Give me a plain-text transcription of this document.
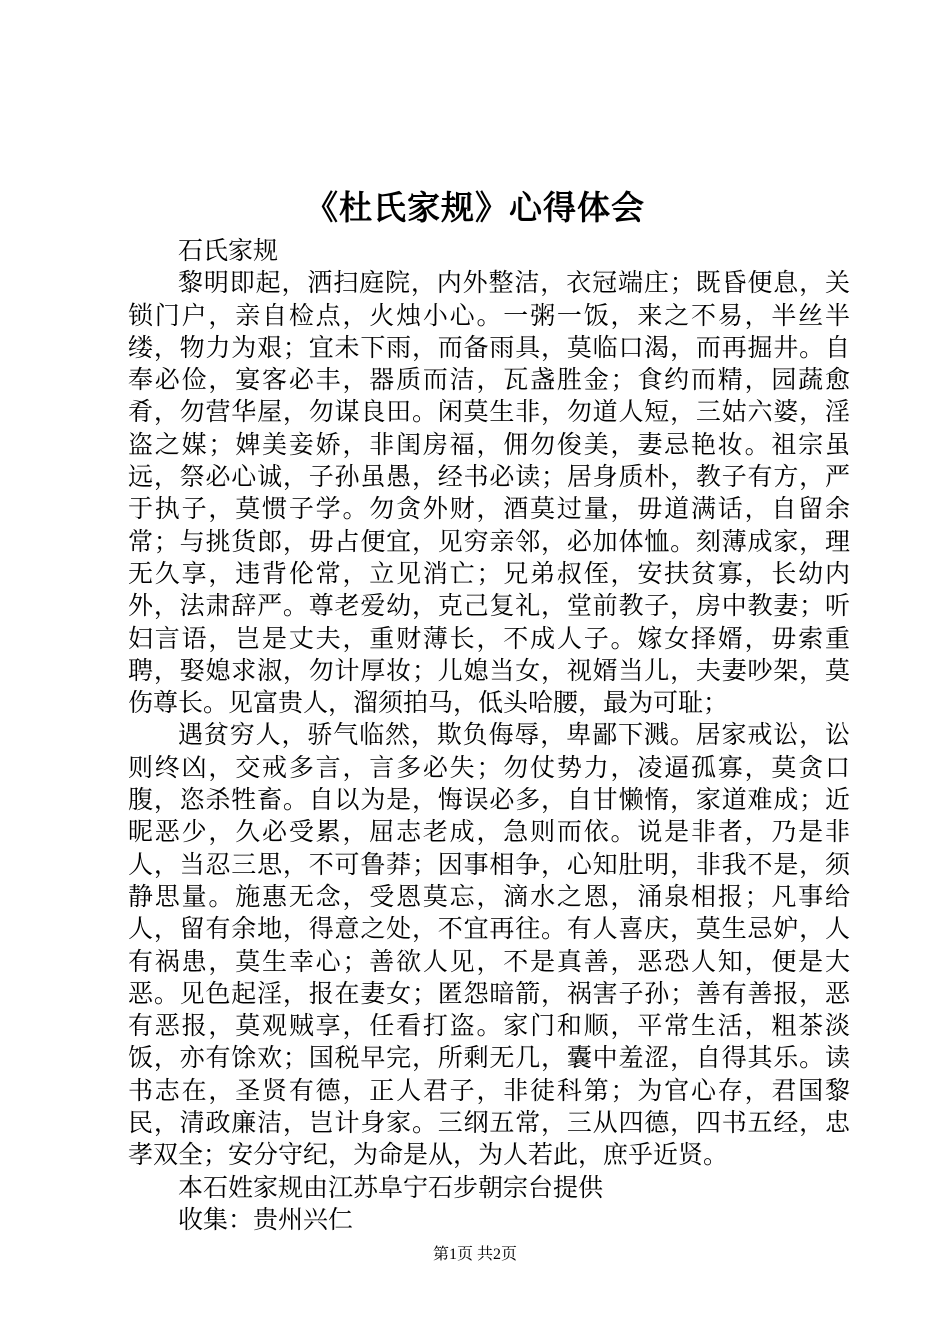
《杜氏家规》心得体会

石氏家规

黎明即起，洒扫庭院，内外整洁，衣冠端庄；既昏便息，关锁门户，亲自检点，火烛小心。一粥一饭，来之不易，半丝半缕，物力为艰；宜未下雨，而备雨具，莫临口渴，而再掘井。自奉必俭，宴客必丰，器质而洁，瓦盏胜金；食约而精，园蔬愈肴，勿营华屋，勿谋良田。闲莫生非，勿道人短，三姑六婆，淫盗之媒；婢美妾娇，非闺房福，佣勿俊美，妻忌艳妆。祖宗虽远，祭必心诚，子孙虽愚，经书必读；居身质朴，教子有方，严于执子，莫惯子学。勿贪外财，酒莫过量，毋道满话，自留余常；与挑货郎，毋占便宜，见穷亲邻，必加体恤。刻薄成家，理无久享，违背伦常，立见消亡；兄弟叔侄，安扶贫寡，长幼内外，法肃辞严。尊老爱幼，克己复礼，堂前教子，房中教妻；听妇言语，岂是丈夫，重财薄长，不成人子。嫁女择婿，毋索重聘，娶媳求淑，勿计厚妆；儿媳当女，视婿当儿，夫妻吵架，莫伤尊长。见富贵人，溜须拍马，低头哈腰，最为可耻；

遇贫穷人，骄气临然，欺负侮辱，卑鄙下溅。居家戒讼，讼则终凶，交戒多言，言多必失；勿仗势力，凌逼孤寡，莫贪口腹，恣杀牲畜。自以为是，悔误必多，自甘懒惰，家道难成；近昵恶少，久必受累，屈志老成，急则而依。说是非者，乃是非人，当忍三思，不可鲁莽；因事相争，心知肚明，非我不是，须静思量。施惠无念，受恩莫忘，滴水之恩，涌泉相报；凡事给人，留有余地，得意之处，不宜再往。有人喜庆，莫生忌妒，人有祸患，莫生幸心；善欲人见，不是真善，恶恐人知，便是大恶。见色起淫，报在妻女；匿怨暗箭，祸害子孙；善有善报，恶有恶报，莫观贼享，任看打盗。家门和顺，平常生活，粗茶淡饭，亦有馀欢；国税早完，所剩无几，囊中羞涩，自得其乐。读书志在，圣贤有德，正人君子，非徒科第；为官心存，君国黎民，清政廉洁，岂计身家。三纲五常，三从四德，四书五经，忠孝双全；安分守纪，为命是从，为人若此，庶乎近贤。

本石姓家规由江苏阜宁石步朝宗台提供

收集：贵州兴仁

第1页 共2页
